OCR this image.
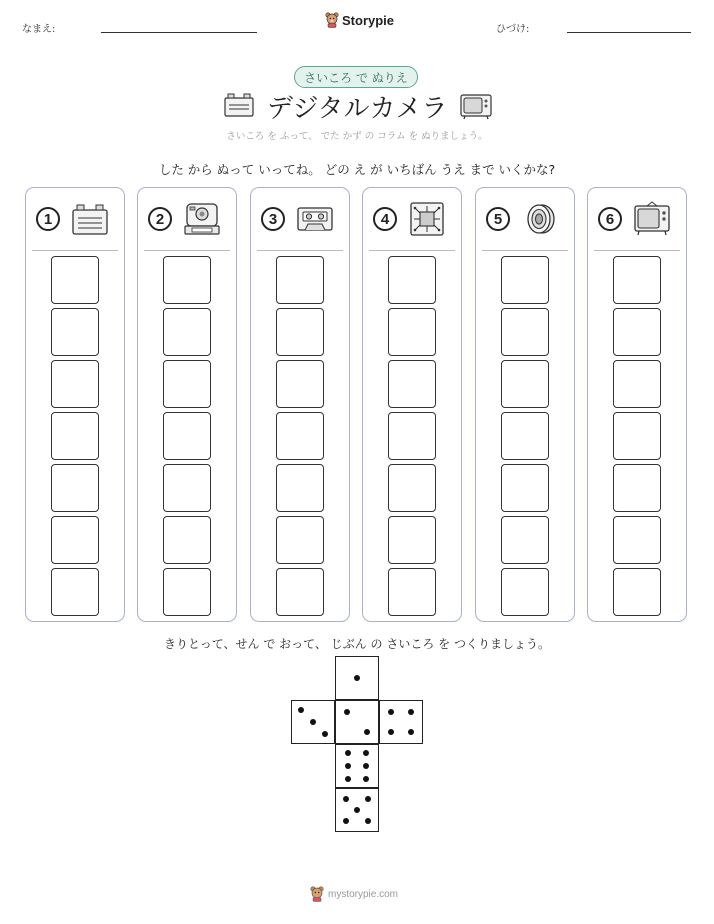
なまえ:
Storypie
ひづけ:
さいころ で ぬりえ
デジタルカメラ
さいころ を ふって、 でた かず の コラム を ぬりましょう。
した から ぬって いってね。 どの え が いちばん うえ まで いくかな?
1	2	3	4	5	6
きりとって、せん で おって、 じぶん の さいころ を つくりましょう。
mystorypie.com
